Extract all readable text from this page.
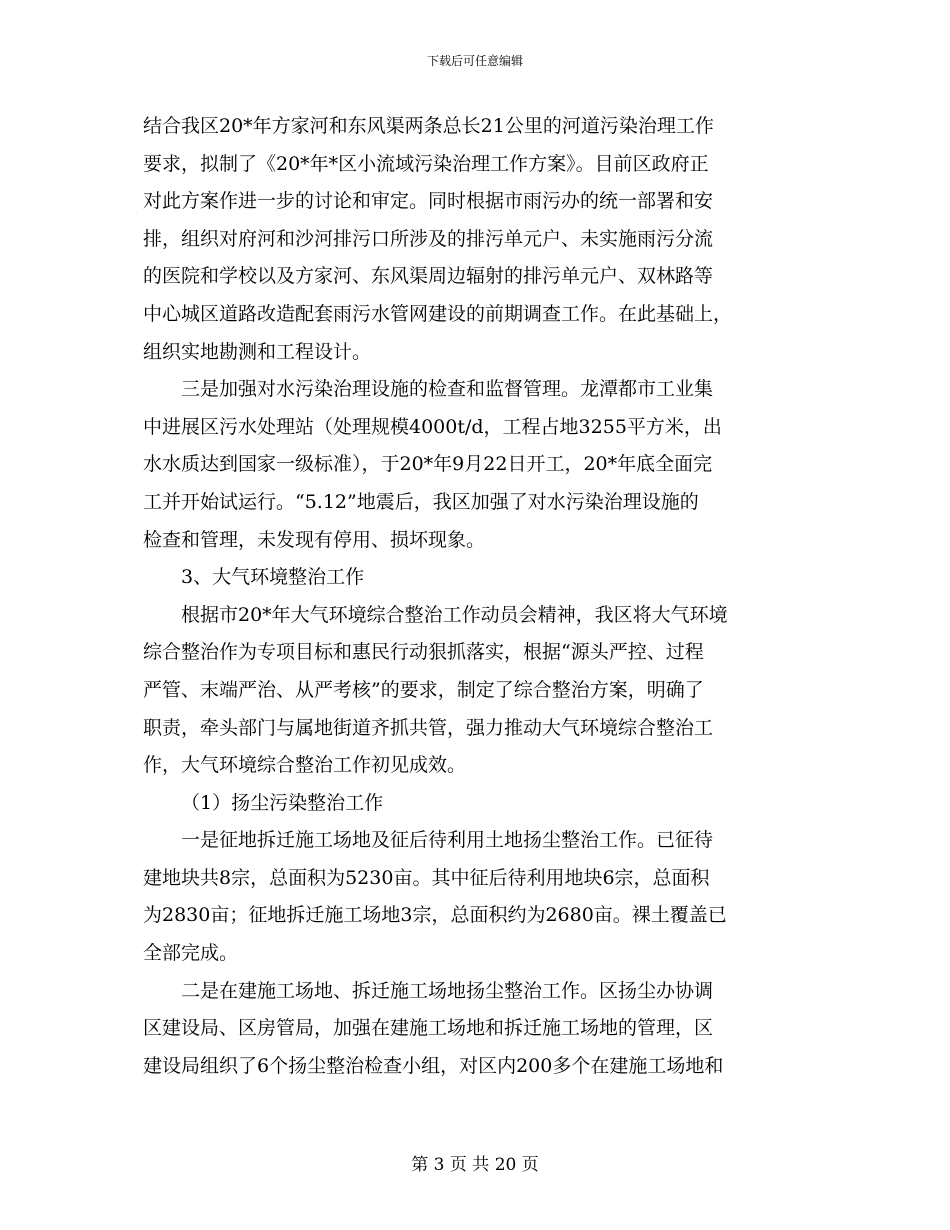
下载后可任意编辑
结合我区20*年方家河和东风渠两条总长21公里的河道污染治理工作
要求，拟制了《20*年*区小流域污染治理工作方案》。目前区政府正
对此方案作进一步的讨论和审定。同时根据市雨污办的统一部署和安
排，组织对府河和沙河排污口所涉及的排污单元户、未实施雨污分流
的医院和学校以及方家河、东风渠周边辐射的排污单元户、双林路等
中心城区道路改造配套雨污水管网建设的前期调查工作。在此基础上，
组织实地勘测和工程设计。
三是加强对水污染治理设施的检查和监督管理。龙潭都市工业集
中进展区污水处理站（处理规模4000t/d，工程占地3255平方米，出
水水质达到国家一级标准），于20*年9月22日开工，20*年底全面完
工并开始试运行。“5.12”地震后，我区加强了对水污染治理设施的
检查和管理，未发现有停用、损坏现象。
3、大气环境整治工作
根据市20*年大气环境综合整治工作动员会精神，我区将大气环境
综合整治作为专项目标和惠民行动狠抓落实，根据“源头严控、过程
严管、末端严治、从严考核”的要求，制定了综合整治方案，明确了
职责，牵头部门与属地街道齐抓共管，强力推动大气环境综合整治工
作，大气环境综合整治工作初见成效。
（1）扬尘污染整治工作
一是征地拆迁施工场地及征后待利用土地扬尘整治工作。已征待
建地块共8宗，总面积为5230亩。其中征后待利用地块6宗，总面积
为2830亩；征地拆迁施工场地3宗，总面积约为2680亩。裸土覆盖已
全部完成。
二是在建施工场地、拆迁施工场地扬尘整治工作。区扬尘办协调
区建设局、区房管局，加强在建施工场地和拆迁施工场地的管理，区
建设局组织了6个扬尘整治检查小组，对区内200多个在建施工场地和
第 3 页 共 20 页
